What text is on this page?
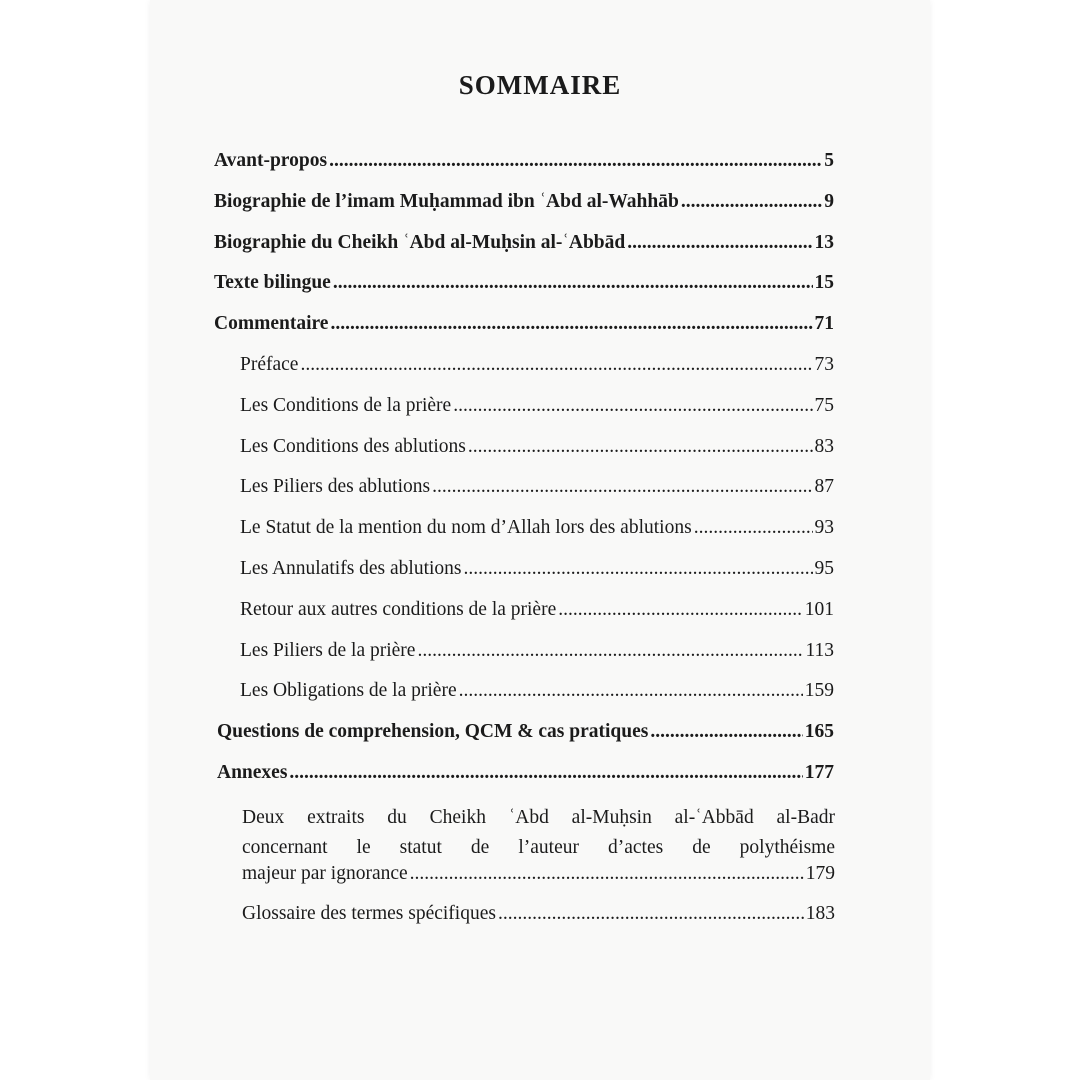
SOMMAIRE
Avant-propos .....	5
Biographie de l’imam Muḥammad ibn ʿAbd al-Wahhāb .....	9
Biographie du Cheikh ʿAbd al-Muḥsin al-ʿAbbād .....	13
Texte bilingue .....	15
Commentaire .....	71
Préface .....	73
Les Conditions de la prière .....	75
Les Conditions des ablutions .....	83
Les Piliers des ablutions .....	87
Le Statut de la mention du nom d’Allah lors des ablutions .....	93
Les Annulatifs des ablutions .....	95
Retour aux autres conditions de la prière .....	101
Les Piliers de la prière .....	113
Les Obligations de la prière .....	159
Questions de comprehension, QCM & cas pratiques .....	165
Annexes .....	177
Deux extraits du Cheikh ʿAbd al-Muḥsin al-ʿAbbād al-Badr
concernant le statut de l’auteur d’actes de polythéisme
majeur par ignorance .....	179
Glossaire des termes spécifiques .....	183
